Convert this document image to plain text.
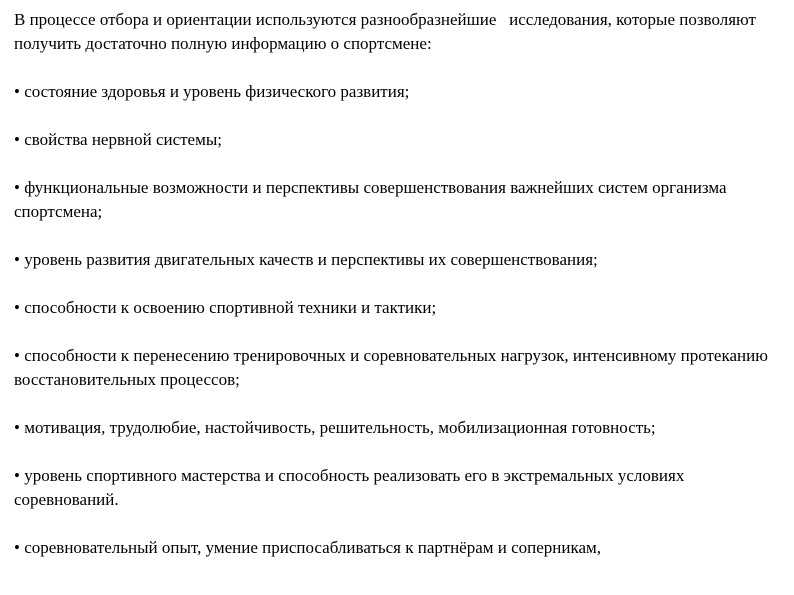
В процессе отбора и ориентации используются разнообразнейшие   исследования, которые позволяют получить достаточно полную информацию о спортсмене:

• состояние здоровья и уровень физического развития;

• свойства нервной системы;

• функциональные возможности и перспективы совершенствования важнейших систем организма спортсмена;

• уровень развития двигательных качеств и перспективы их совершенствования;

• способности к освоению спортивной техники и тактики;

• способности к перенесению тренировочных и соревновательных нагрузок, интенсивному протеканию восстановительных процессов;

• мотивация, трудолюбие, настойчивость, решительность, мобилизационная готовность;

• уровень спортивного мастерства и способность реализовать его в экстремальных условиях соревнований.

• соревновательный опыт, умение приспосабливаться к партнёрам и соперникам,
